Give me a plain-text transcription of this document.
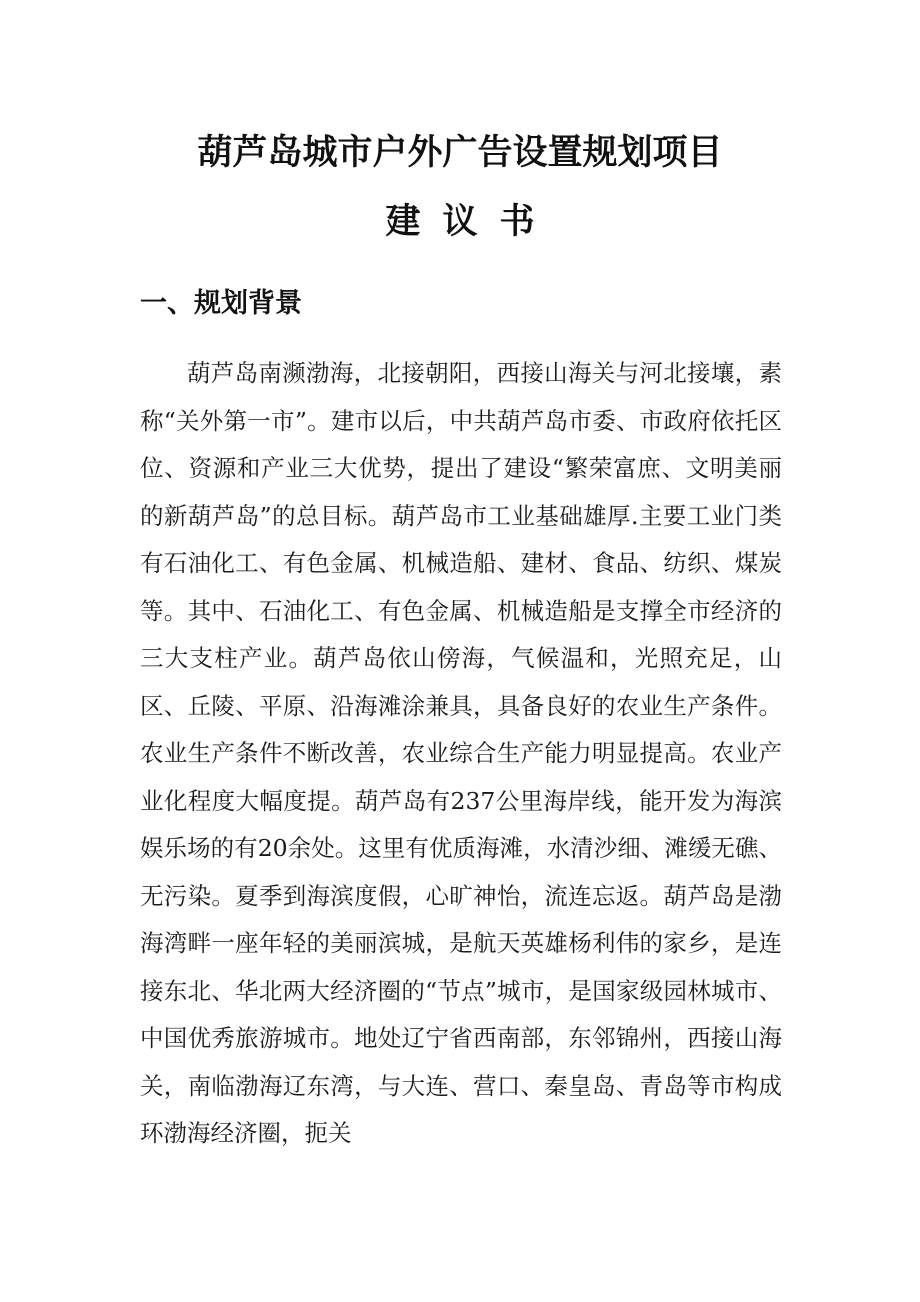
葫芦岛城市户外广告设置规划项目
建议书
一、规划背景

葫芦岛南濒渤海，北接朝阳，西接山海关与河北接壤，素称“关外第一市”。建市以后，中共葫芦岛市委、市政府依托区位、资源和产业三大优势，提出了建设“繁荣富庶、文明美丽的新葫芦岛”的总目标。葫芦岛市工业基础雄厚.主要工业门类有石油化工、有色金属、机械造船、建材、食品、纺织、煤炭等。其中、石油化工、有色金属、机械造船是支撑全市经济的三大支柱产业。葫芦岛依山傍海，气候温和，光照充足，山区、丘陵、平原、沿海滩涂兼具，具备良好的农业生产条件。农业生产条件不断改善，农业综合生产能力明显提高。农业产业化程度大幅度提。葫芦岛有237公里海岸线，能开发为海滨娱乐场的有20余处。这里有优质海滩，水清沙细、滩缓无礁、无污染。夏季到海滨度假，心旷神怡，流连忘返。葫芦岛是渤海湾畔一座年轻的美丽滨城，是航天英雄杨利伟的家乡，是连接东北、华北两大经济圈的“节点”城市，是国家级园林城市、中国优秀旅游城市。地处辽宁省西南部，东邻锦州，西接山海关，南临渤海辽东湾，与大连、营口、秦皇岛、青岛等市构成环渤海经济圈，扼关
